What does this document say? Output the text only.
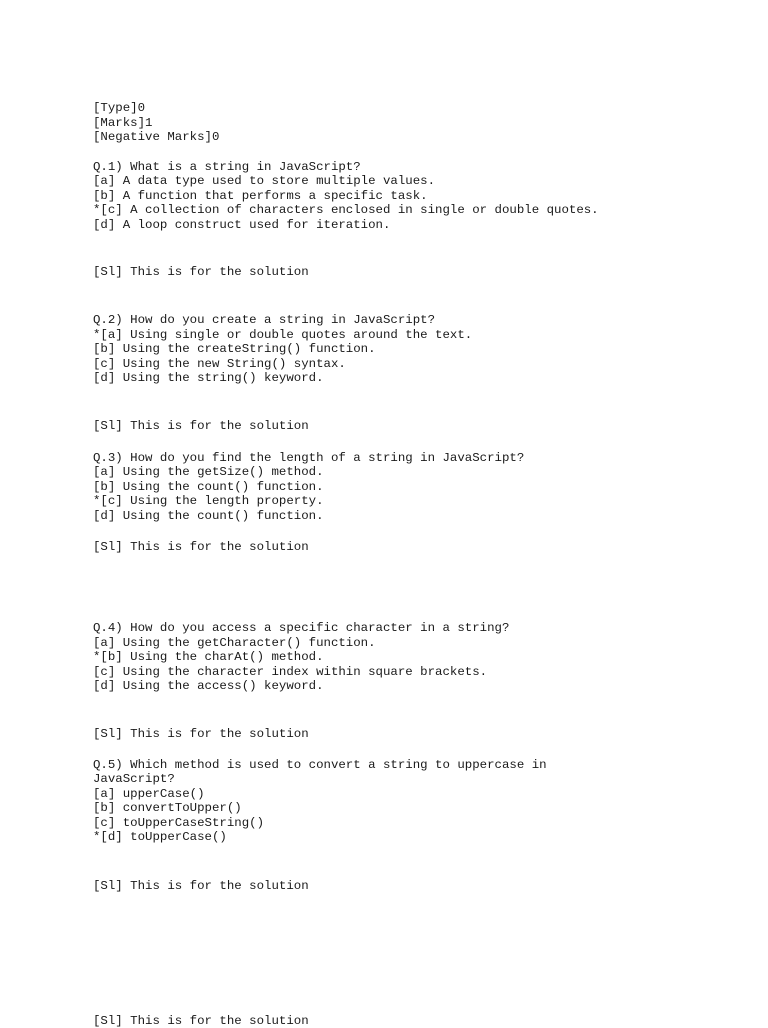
[Type]0
[Marks]1
[Negative Marks]0
Q.1) What is a string in JavaScript?
[a] A data type used to store multiple values.
[b] A function that performs a specific task.
*[c] A collection of characters enclosed in single or double quotes.
[d] A loop construct used for iteration.
[Sl] This is for the solution
Q.2) How do you create a string in JavaScript?
*[a] Using single or double quotes around the text.
[b] Using the createString() function.
[c] Using the new String() syntax.
[d] Using the string() keyword.
[Sl] This is for the solution
Q.3) How do you find the length of a string in JavaScript?
[a] Using the getSize() method.
[b] Using the count() function.
*[c] Using the length property.
[d] Using the count() function.
[Sl] This is for the solution
Q.4) How do you access a specific character in a string?
[a] Using the getCharacter() function.
*[b] Using the charAt() method.
[c] Using the character index within square brackets.
[d] Using the access() keyword.
[Sl] This is for the solution
Q.5) Which method is used to convert a string to uppercase in
JavaScript?
[a] upperCase()
[b] convertToUpper()
[c] toUpperCaseString()
*[d] toUpperCase()
[Sl] This is for the solution
[Sl] This is for the solution
